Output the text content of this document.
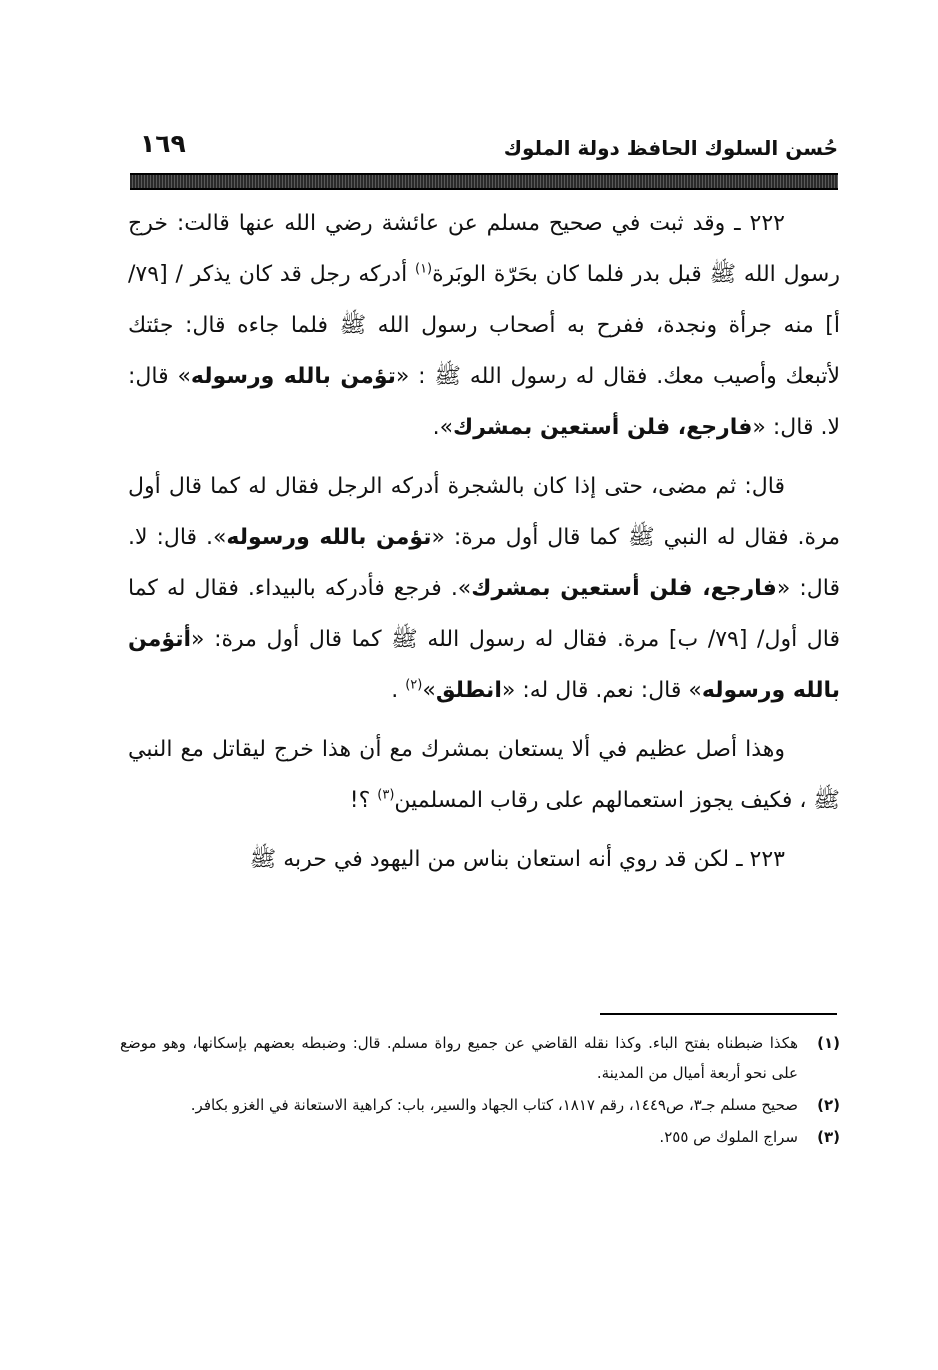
حُسن السلوك الحافظ دولة الملوك
١٦٩

٢٢٢ ـ وقد ثبت في صحيح مسلم عن عائشة رضي الله عنها قالت: خرج رسول الله ﷺ قبل بدر فلما كان بحَرّة الوبَرة$^{(١)}$ أدركه رجل قد كان يذكر / [٧٩/ أ] منه جرأة ونجدة، ففرح به أصحاب رسول الله ﷺ فلما جاءه قال: جئتك لأتبعك وأصيب معك. فقال له رسول الله ﷺ : «تؤمن بالله ورسوله» قال: لا. قال: «فارجع، فلن أستعين بمشرك».

قال: ثم مضى، حتى إذا كان بالشجرة أدركه الرجل فقال له كما قال أول مرة. فقال له النبي ﷺ كما قال أول مرة: «تؤمن بالله ورسوله». قال: لا. قال: «فارجع، فلن أستعين بمشرك». فرجع فأدركه بالبيداء. فقال له كما قال أول/ [٧٩/ ب] مرة. فقال له رسول الله ﷺ كما قال أول مرة: «أتؤمن بالله ورسوله» قال: نعم. قال له: «انطلق»$^{(٢)}$ .

وهذا أصل عظيم في ألا يستعان بمشرك مع أن هذا خرج ليقاتل مع النبي ﷺ ، فكيف يجوز استعمالهم على رقاب المسلمين$^{(٣)}$ ؟!

٢٢٣ ـ لكن قد روي أنه استعان بناس من اليهود في حربه ﷺ

(١)
هكذا ضبطناه بفتح الباء. وكذا نقله القاضي عن جميع رواة مسلم. قال: وضبطه بعضهم بإسكانها، وهو موضع على نحو أربعة أميال من المدينة.
(٢)
صحيح مسلم جـ٣، ص١٤٤٩، رقم ١٨١٧، كتاب الجهاد والسير، باب: كراهية الاستعانة في الغزو بكافر.
(٣)
سراج الملوك ص ٢٥٥.
